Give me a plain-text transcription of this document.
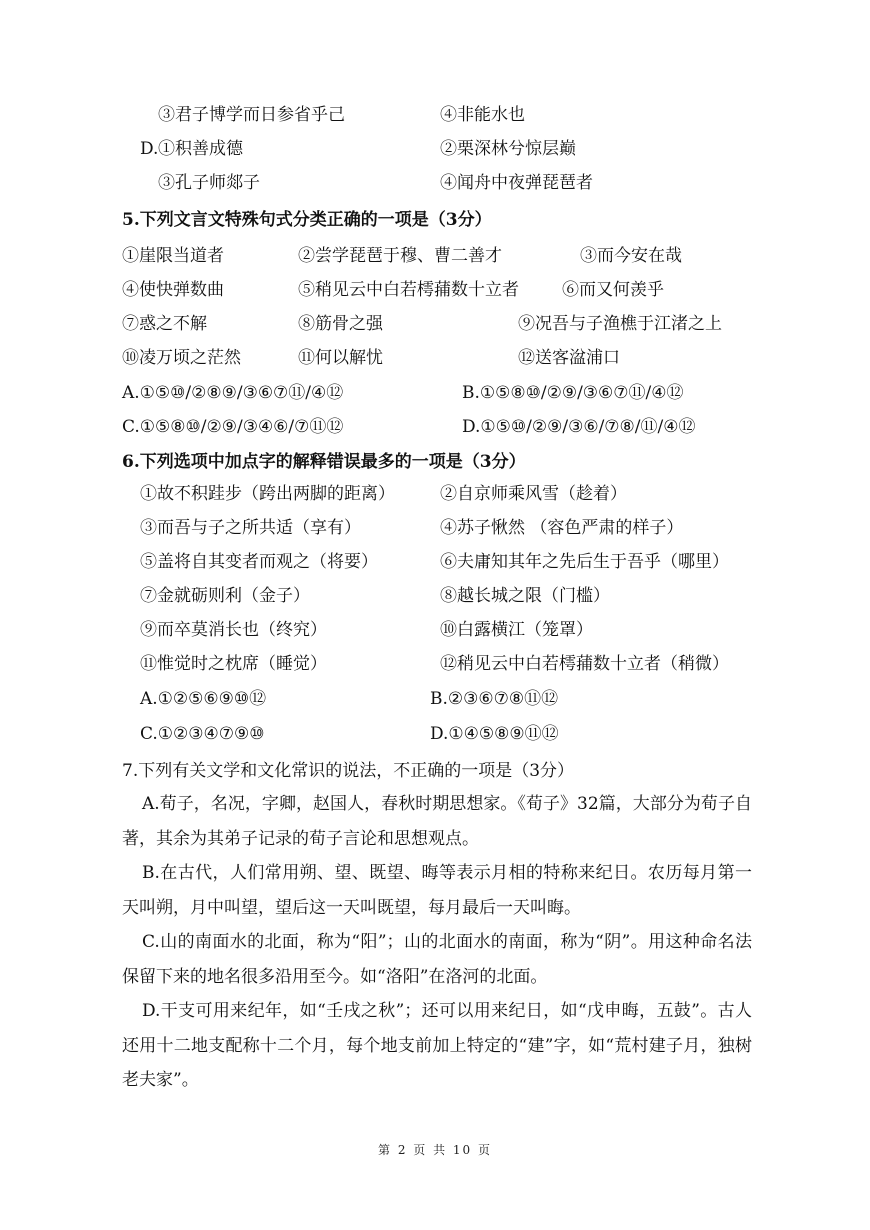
③君子博学而日参省乎己	④非能水也
D. ①积善成德	②栗深林兮惊层巅
③孔子师郯子	④闻舟中夜弹琵琶者
5.下列文言文特殊句式分类正确的一项是（3分）
①崖限当道者	②尝学琵琶于穆、曹二善才	③而今安在哉
④使快弹数曲	⑤稍见云中白若樗蒱数十立者	⑥而又何羡乎
⑦惑之不解	⑧筋骨之强	⑨况吾与子渔樵于江渚之上
⑩凌万顷之茫然	⑪何以解忧	⑫送客湓浦口
A.①⑤⑩/②⑧⑨/③⑥⑦⑪/④⑫	B.①⑤⑧⑩/②⑨/③⑥⑦⑪/④⑫
C.①⑤⑧⑩/②⑨/③④⑥/⑦⑪⑫	D.①⑤⑩/②⑨/③⑥/⑦⑧/⑪/④⑫
6.下列选项中加点字的解释错误最多的一项是（3分）
①故不积跬步（跨出两脚的距离）	②自京师乘风雪（趁着）
③而吾与子之所共适（享有）	④苏子愀然 （容色严肃的样子）
⑤盖将自其变者而观之（将要）	⑥夫庸知其年之先后生于吾乎（哪里）
⑦金就砺则利（金子）	⑧越长城之限（门槛）
⑨而卒莫消长也（终究）	⑩白露横江（笼罩）
⑪惟觉时之枕席（睡觉）	⑫稍见云中白若樗蒱数十立者（稍微）
A.①②⑤⑥⑨⑩⑫	B.②③⑥⑦⑧⑪⑫
C.①②③④⑦⑨⑩	D.①④⑤⑧⑨⑪⑫
7.下列有关文学和文化常识的说法，不正确的一项是（3分）
A.荀子，名况，字卿，赵国人，春秋时期思想家。《荀子》32篇，大部分为荀子自著，其余为其弟子记录的荀子言论和思想观点。
B.在古代，人们常用朔、望、既望、晦等表示月相的特称来纪日。农历每月第一天叫朔，月中叫望，望后这一天叫既望，每月最后一天叫晦。
C.山的南面水的北面，称为“阳”；山的北面水的南面，称为“阴”。用这种命名法保留下来的地名很多沿用至今。如“洛阳”在洛河的北面。
D.干支可用来纪年，如“壬戌之秋”；还可以用来纪日，如“戊申晦，五鼓”。古人还用十二地支配称十二个月，每个地支前加上特定的“建”字，如“荒村建子月，独树老夫家”。
第 2 页 共 10 页
